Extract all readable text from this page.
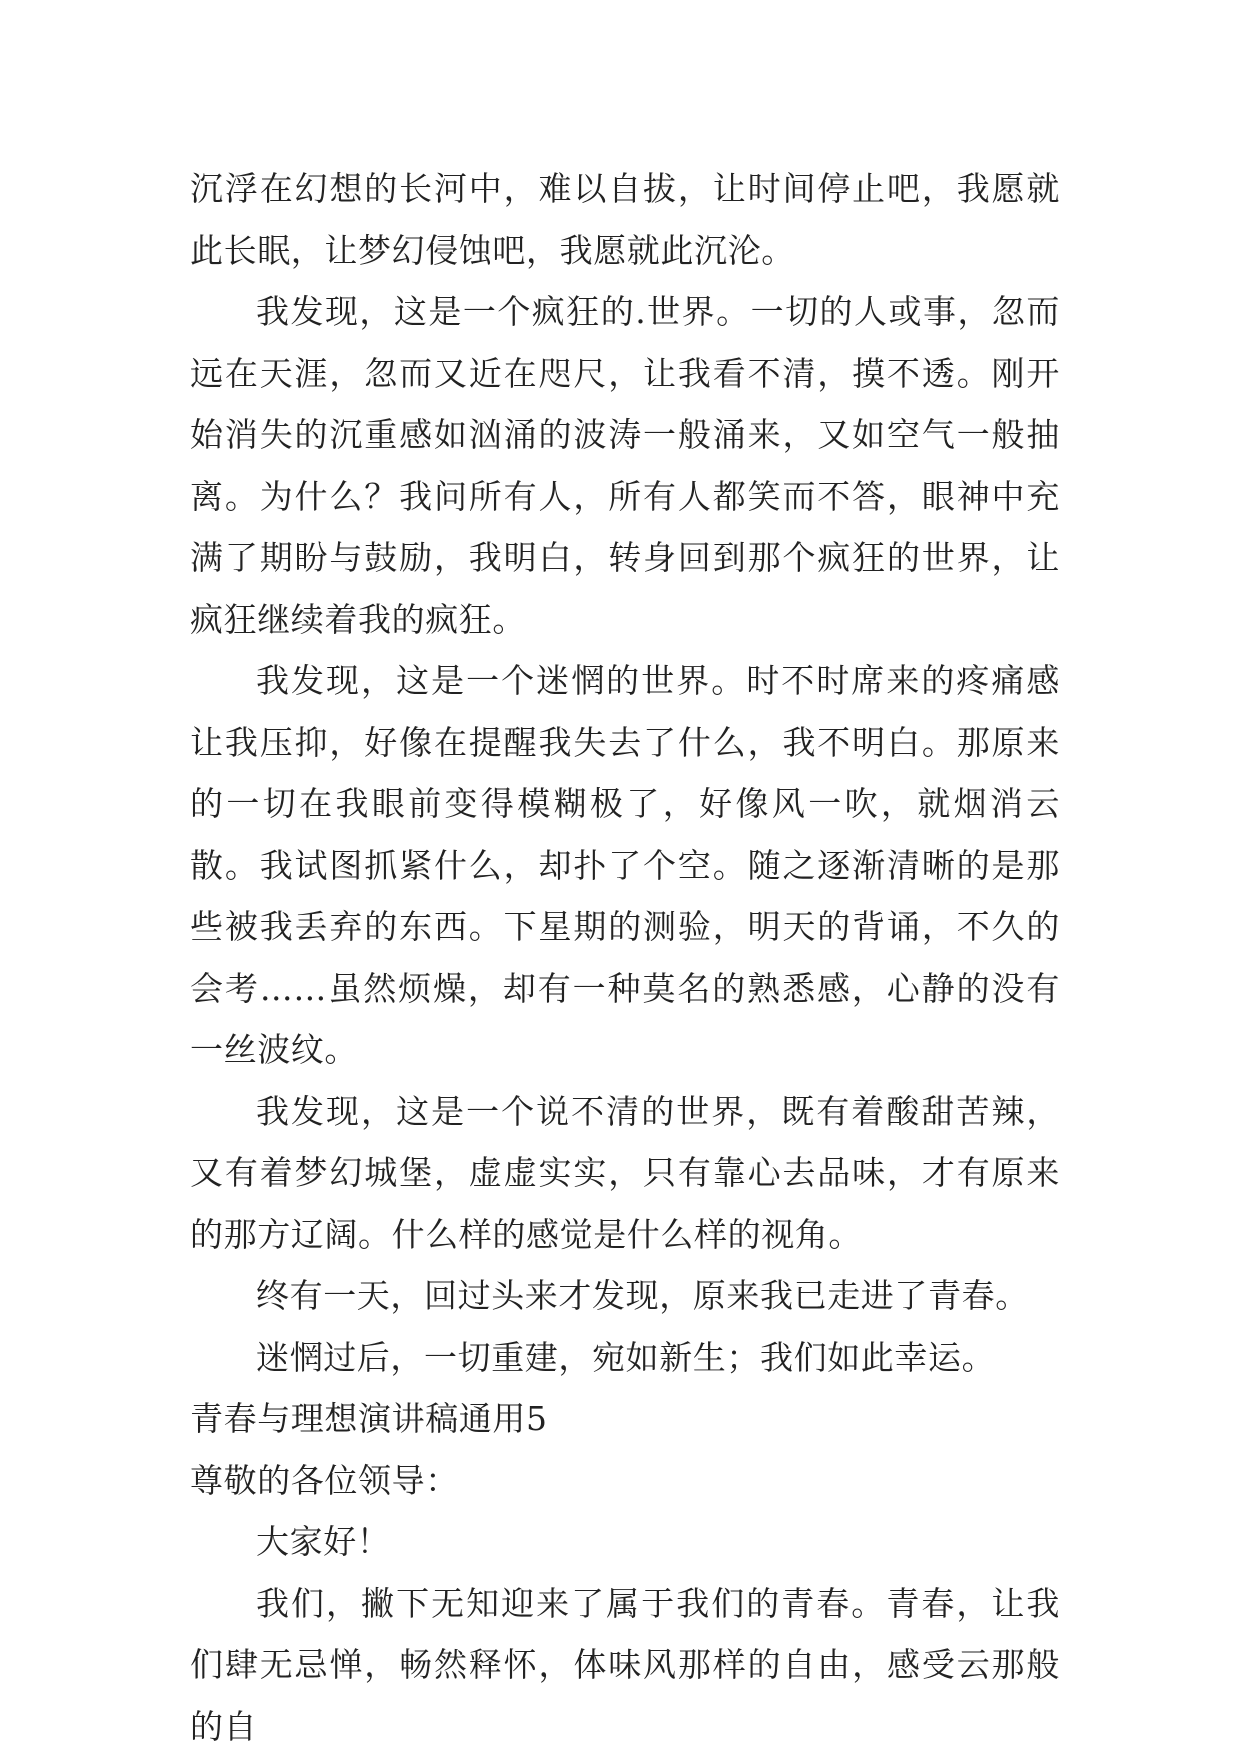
沉浮在幻想的长河中，难以自拔，让时间停止吧，我愿就此长眠，让梦幻侵蚀吧，我愿就此沉沦。

我发现，这是一个疯狂的.世界。一切的人或事，忽而远在天涯，忽而又近在咫尺，让我看不清，摸不透。刚开始消失的沉重感如汹涌的波涛一般涌来，又如空气一般抽离。为什么？我问所有人，所有人都笑而不答，眼神中充满了期盼与鼓励，我明白，转身回到那个疯狂的世界，让疯狂继续着我的疯狂。

我发现，这是一个迷惘的世界。时不时席来的疼痛感让我压抑，好像在提醒我失去了什么，我不明白。那原来的一切在我眼前变得模糊极了，好像风一吹，就烟消云散。我试图抓紧什么，却扑了个空。随之逐渐清晰的是那些被我丢弃的东西。下星期的测验，明天的背诵，不久的会考……虽然烦燥，却有一种莫名的熟悉感，心静的没有一丝波纹。

我发现，这是一个说不清的世界，既有着酸甜苦辣，又有着梦幻城堡，虚虚实实，只有靠心去品味，才有原来的那方辽阔。什么样的感觉是什么样的视角。

终有一天，回过头来才发现，原来我已走进了青春。

迷惘过后，一切重建，宛如新生；我们如此幸运。

青春与理想演讲稿通用5

尊敬的各位领导：

大家好！

我们，撇下无知迎来了属于我们的青春。青春，让我们肆无忌惮，畅然释怀，体味风那样的自由，感受云那般的自
